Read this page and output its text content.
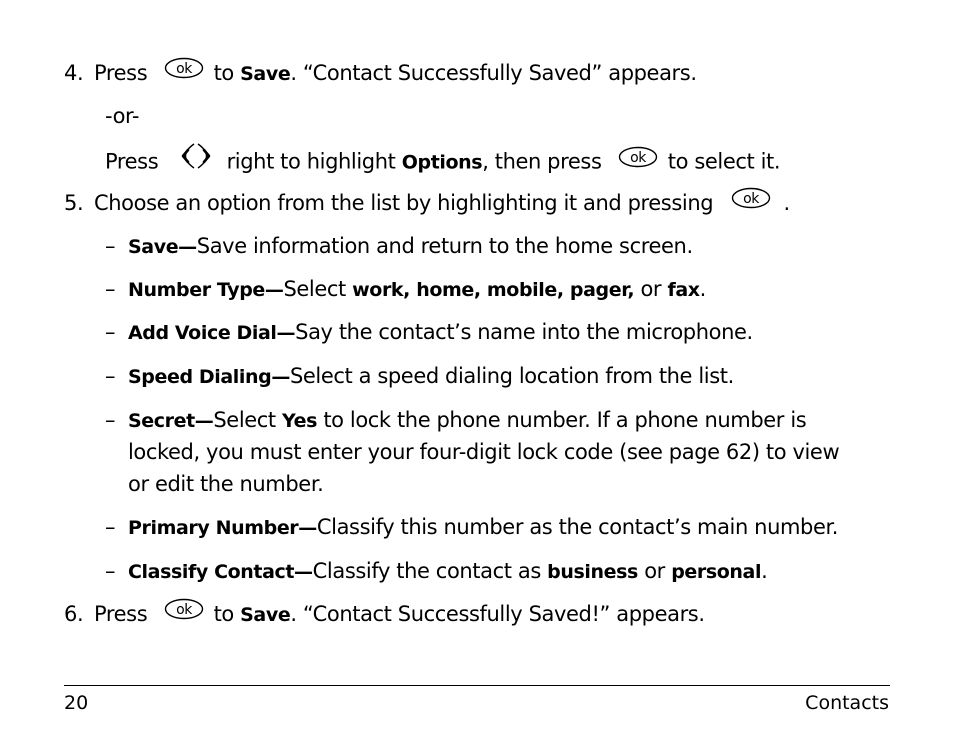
4. Press ok to Save. “Contact Successfully Saved” appears.
-or-
Press	right to highlight Options, then press ok to select it.
5. Choose an option from the list by highlighting it and pressing ok .
– Save—Save information and return to the home screen.
– Number Type—Select work, home, mobile, pager, or fax.
– Add Voice Dial—Say the contact’s name into the microphone.
– Speed Dialing—Select a speed dialing location from the list.
– Secret—Select Yes to lock the phone number. If a phone number is
locked, you must enter your four-digit lock code (see page 62) to view
or edit the number.
– Primary Number—Classify this number as the contact’s main number.
– Classify Contact—Classify the contact as business or personal.
6. Press ok to Save. “Contact Successfully Saved!” appears.
20	Contacts
